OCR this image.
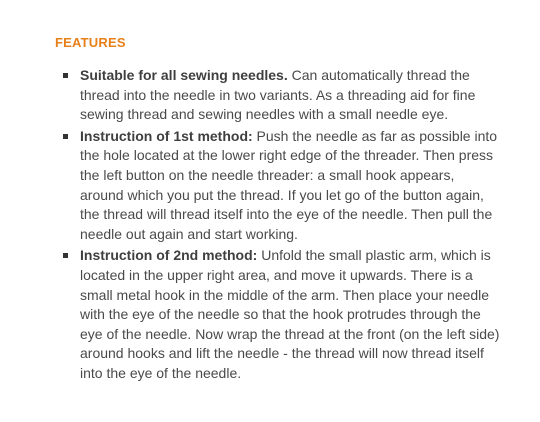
FEATURES
Suitable for all sewing needles. Can automatically thread the thread into the needle in two variants. As a threading aid for fine sewing thread and sewing needles with a small needle eye.
Instruction of 1st method: Push the needle as far as possible into the hole located at the lower right edge of the threader. Then press the left button on the needle threader: a small hook appears, around which you put the thread. If you let go of the button again, the thread will thread itself into the eye of the needle. Then pull the needle out again and start working.
Instruction of 2nd method: Unfold the small plastic arm, which is located in the upper right area, and move it upwards. There is a small metal hook in the middle of the arm. Then place your needle with the eye of the needle so that the hook protrudes through the eye of the needle. Now wrap the thread at the front (on the left side) around hooks and lift the needle - the thread will now thread itself into the eye of the needle.
